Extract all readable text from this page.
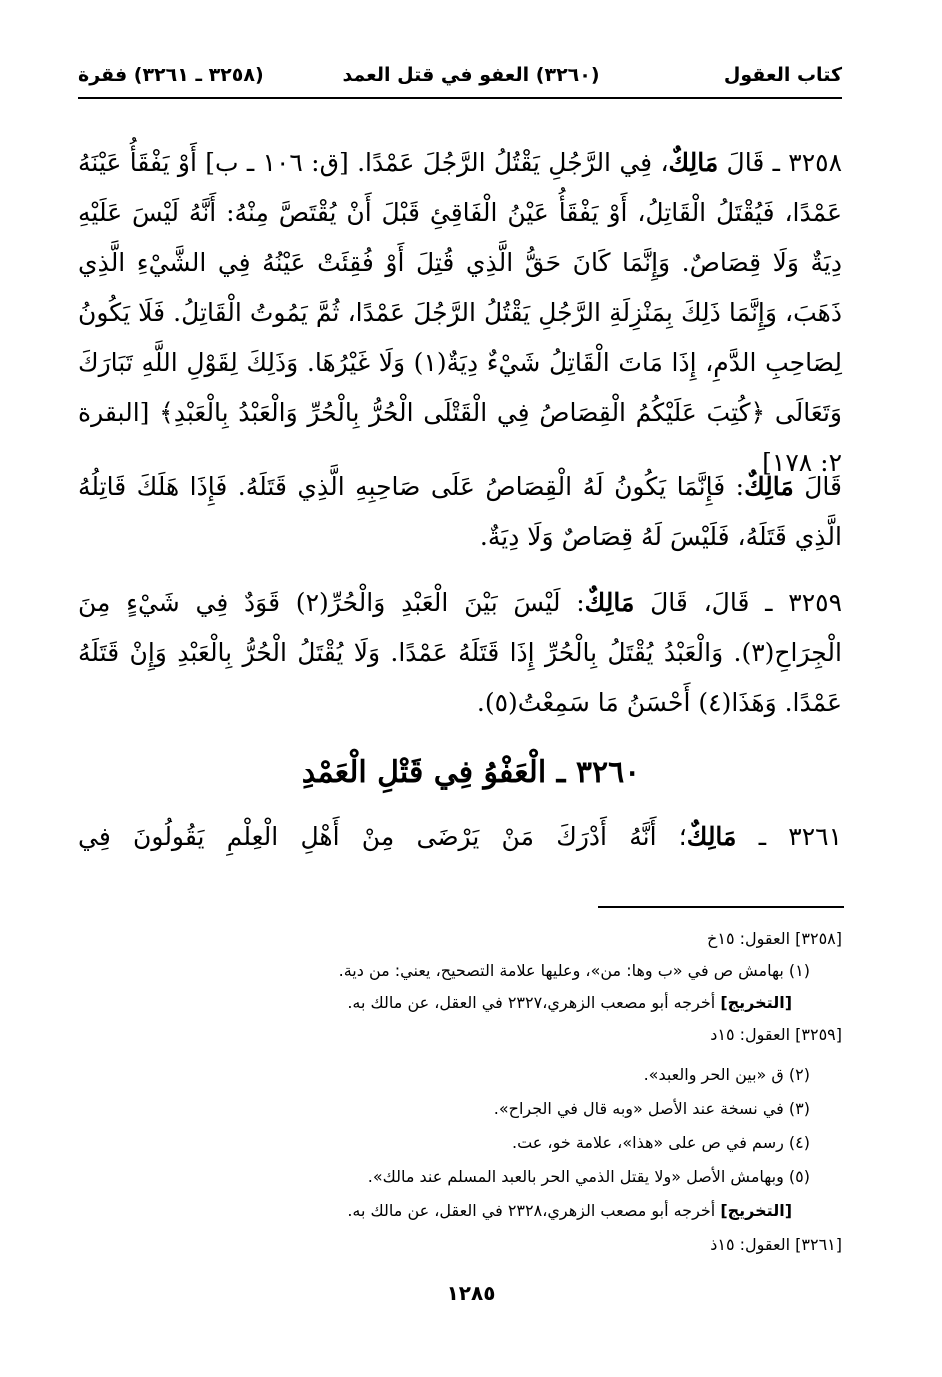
كتاب العقول
(٣٢٦٠) العفو في قتل العمد
(٣٢٥٨ ـ ٣٢٦١) فقرة
٣٢٥٨ ـ قَالَ مَالِكٌ، فِي الرَّجُلِ يَقْتُلُ الرَّجُلَ عَمْدًا. [ق: ١٠٦ ـ ب] أَوْ يَفْقَأُ عَيْنَهُ عَمْدًا، فَيُقْتَلُ الْقَاتِلُ، أَوْ يَفْقَأُ عَيْنُ الْفَاقِئِ قَبْلَ أَنْ يُقْتَصَّ مِنْهُ: أَنَّهُ لَيْسَ عَلَيْهِ دِيَةٌ وَلَا قِصَاصٌ. وَإِنَّمَا كَانَ حَقُّ الَّذِي قُتِلَ أَوْ فُقِئَتْ عَيْنُهُ فِي الشَّيْءِ الَّذِي ذَهَبَ، وَإِنَّمَا ذَلِكَ بِمَنْزِلَةِ الرَّجُلِ يَقْتُلُ الرَّجُلَ عَمْدًا، ثُمَّ يَمُوتُ الْقَاتِلُ. فَلَا يَكُونُ لِصَاحِبِ الدَّمِ، إِذَا مَاتَ الْقَاتِلُ شَيْءٌ دِيَةٌ(١) وَلَا غَيْرُهَا. وَذَلِكَ لِقَوْلِ اللَّهِ تَبَارَكَ وَتَعَالَى ﴿كُتِبَ عَلَيْكُمُ الْقِصَاصُ فِي الْقَتْلَى الْحُرُّ بِالْحُرِّ وَالْعَبْدُ بِالْعَبْدِ﴾ [البقرة ٢: ١٧٨]
قَالَ مَالِكٌ: فَإِنَّمَا يَكُونُ لَهُ الْقِصَاصُ عَلَى صَاحِبِهِ الَّذِي قَتَلَهُ. فَإِذَا هَلَكَ قَاتِلُهُ الَّذِي قَتَلَهُ، فَلَيْسَ لَهُ قِصَاصٌ وَلَا دِيَةٌ.
٣٢٥٩ ـ قَالَ، قَالَ مَالِكٌ: لَيْسَ بَيْنَ الْعَبْدِ وَالْحُرِّ(٢) قَوَدٌ فِي شَيْءٍ مِنَ الْجِرَاحِ(٣). وَالْعَبْدُ يُقْتَلُ بِالْحُرِّ إِذَا قَتَلَهُ عَمْدًا. وَلَا يُقْتَلُ الْحُرُّ بِالْعَبْدِ وَإِنْ قَتَلَهُ عَمْدًا. وَهَذَا(٤) أَحْسَنُ مَا سَمِعْتُ(٥).
٣٢٦٠ ـ الْعَفْوُ فِي قَتْلِ الْعَمْدِ
٣٢٦١ ـ مَالِكٌ؛ أَنَّهُ أَدْرَكَ مَنْ يَرْضَى مِنْ أَهْلِ الْعِلْمِ يَقُولُونَ فِي
[٣٢٥٨] العقول: ١٥خ
(١) بهامش ص في «ب وها: من»، وعليها علامة التصحيح، يعني: من دية.
[التخريج] أخرجه أبو مصعب الزهري،٢٣٢٧ في العقل، عن مالك به.
[٣٢٥٩] العقول: ١٥د
(٢) ق «بين الحر والعبد».
(٣) في نسخة عند الأصل «وبه قال في الجراح».
(٤) رسم في ص على «هذا»، علامة خو، عت.
(٥) وبهامش الأصل «ولا يقتل الذمي الحر بالعبد المسلم عند مالك».
[التخريج] أخرجه أبو مصعب الزهري،٢٣٢٨ في العقل، عن مالك به.
[٣٢٦١] العقول: ١٥ذ
١٢٨٥
